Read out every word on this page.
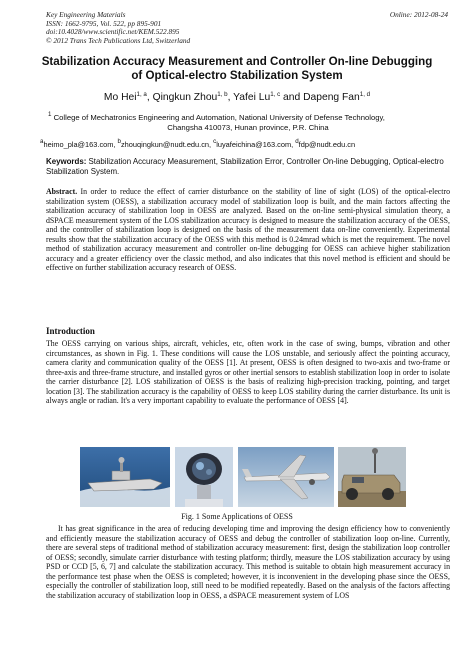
Key Engineering Materials	Online: 2012-08-24
ISSN: 1662-9795, Vol. 522, pp 895-901
doi:10.4028/www.scientific.net/KEM.522.895
© 2012 Trans Tech Publications Ltd, Switzerland
Stabilization Accuracy Measurement and Controller On-line Debugging
of Optical-electro Stabilization System
Mo Hei$^{1, a}$, Qingkun Zhou$^{1, b}$, Yafei Lu$^{1, c}$ and Dapeng Fan$^{1, d}$
$^1$ College of Mechatronics Engineering and Automation, National University of Defense Technology,
Changsha 410073, Hunan province, P.R. China
$^a$heimo_pla@163.com, $^b$zhouqingkun@nudt.edu.cn, $^c$luyafeichina@163.com, $^d$fdp@nudt.edu.cn
Keywords: Stabilization Accuracy Measurement, Stabilization Error, Controller On-line Debugging, Optical-electro Stabilization System.

Abstract. In order to reduce the effect of carrier disturbance on the stability of line of sight (LOS) of the optical-electro stabilization system (OESS), a stabilization accuracy model of stabilization loop is built, and the main factors affecting the stabilization accuracy of stabilization loop in OESS are analyzed. Based on the on-line semi-physical simulation theory, a dSPACE measurement system of the LOS stabilization accuracy is designed to measure the stabilization accuracy of the OESS, and the controller of stabilization loop is designed on the basis of the measurement data on-line conveniently. Experimental results show that the stabilization accuracy of the OESS with this method is 0.24mrad which is met the requirement. The novel method of stabilization accuracy measurement and controller on-line debugging for OESS can achieve higher stabilization accuracy and a greater efficiency over the classic method, and also indicates that this novel method is efficient and should be effective on further stabilization accuracy research of OESS.

Introduction

The OESS carrying on various ships, aircraft, vehicles, etc, often work in the case of swing, bumps, vibration and other circumstances, as shown in Fig. 1. These conditions will cause the LOS unstable, and seriously affect the pointing accuracy, camera clarity and communication quality of the OESS [1]. At present, OESS is often designed to two-axis and two-frame or three-axis and three-frame structure, and installed gyros or other inertial sensors to establish stabilization loop in order to isolate the carrier disturbance [2]. LOS stabilization of OESS is the basis of realizing high-precision tracking, pointing, and target location [3]. The stabilization accuracy is the capability of OESS to keep LOS stability during the carrier disturbance. Its unit is always angle or radian. It's a very important capability to evaluate the performance of OESS [4].

Fig. 1 Some Applications of OESS

It has great significance in the area of reducing developing time and improving the design efficiency how to conveniently and efficiently measure the stabilization accuracy of OESS and debug the controller of stabilization loop on-line. Currently, there are several steps of traditional method of stabilization accuracy measurement: first, design the stabilization loop controller of OESS; secondly, simulate carrier disturbance with testing platform; thirdly, measure the LOS stabilization accuracy by using PSD or CCD [5, 6, 7] and calculate the stabilization accuracy. This method is suitable to obtain high measurement accuracy in the performance test phase when the OESS is completed; however, it is inconvenient in the developing phase since the OESS, especially the controller of stabilization loop, still need to be modified repeatedly. Based on the analysis of the factors affecting the stabilization accuracy of stabilization loop in OESS, a dSPACE measurement system of LOS
